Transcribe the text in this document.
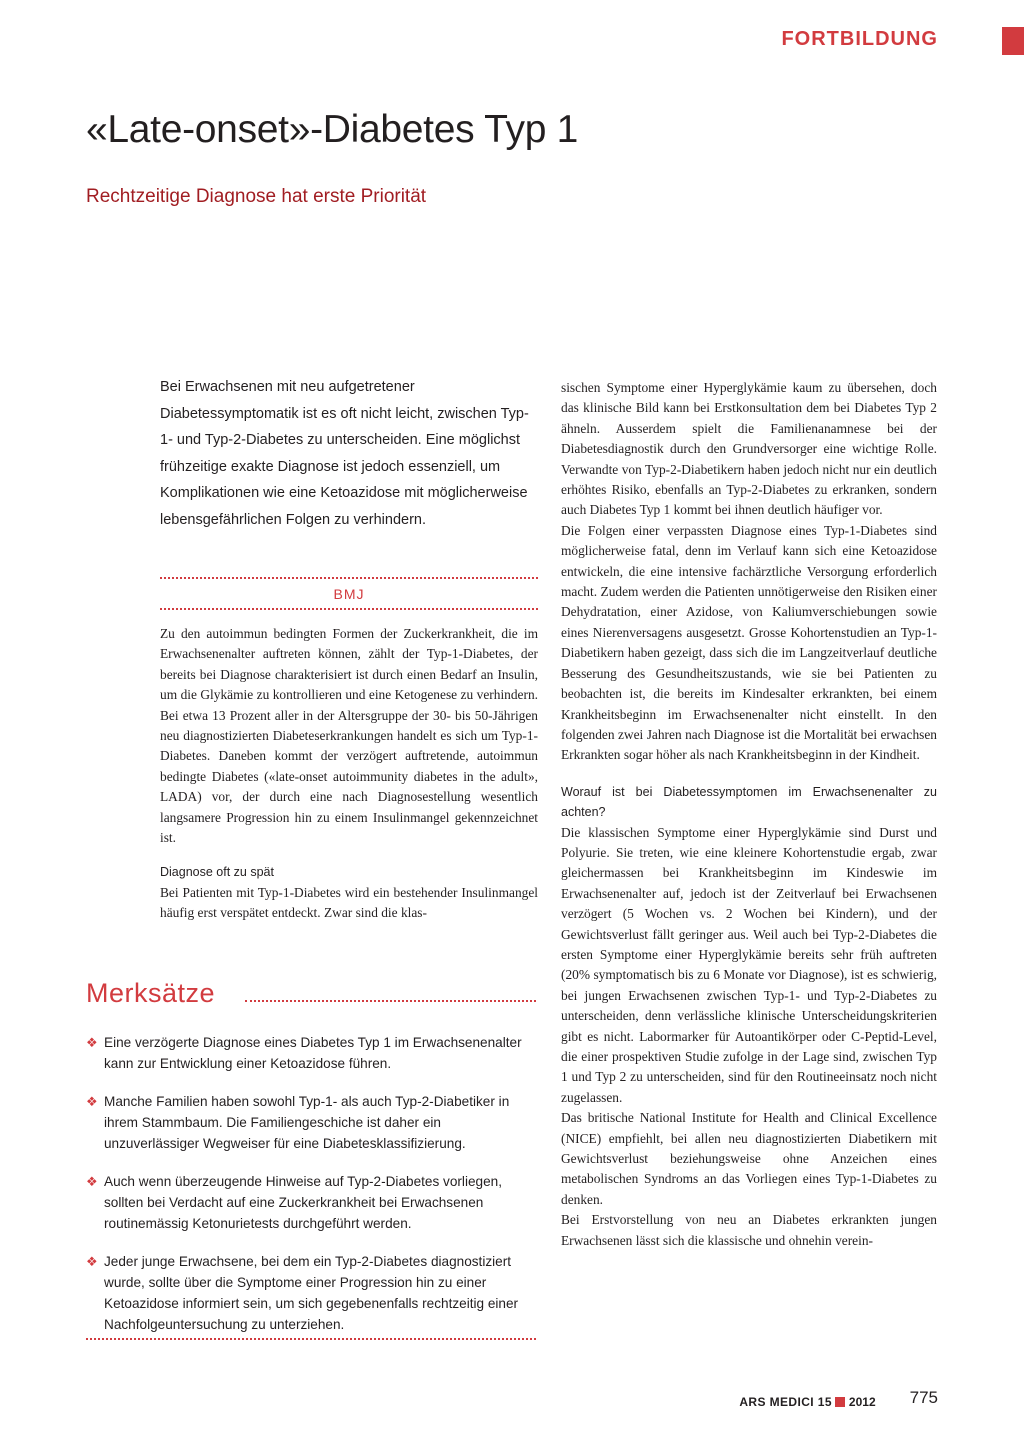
FORTBILDUNG
«Late-onset»-Diabetes Typ 1
Rechtzeitige Diagnose hat erste Priorität

Bei Erwachsenen mit neu aufgetretener Diabetessymptomatik ist es oft nicht leicht, zwischen Typ-1- und Typ-2-Diabetes zu unterscheiden. Eine möglichst frühzeitige exakte Diagnose ist jedoch essenziell, um Komplikationen wie eine Ketoazidose mit möglicherweise lebensgefährlichen Folgen zu verhindern.

BMJ

Zu den autoimmun bedingten Formen der Zuckerkrankheit, die im Erwachsenenalter auftreten können, zählt der Typ-1-Diabetes, der bereits bei Diagnose charakterisiert ist durch einen Bedarf an Insulin, um die Glykämie zu kontrollieren und eine Ketogenese zu verhindern. Bei etwa 13 Prozent aller in der Altersgruppe der 30- bis 50-Jährigen neu diagnostizierten Diabeteserkrankungen handelt es sich um Typ-1-Diabetes. Daneben kommt der verzögert auftretende, autoimmun bedingte Diabetes («late-onset autoimmunity diabetes in the adult», LADA) vor, der durch eine nach Diagnosestellung wesentlich langsamere Progression hin zu einem Insulinmangel gekennzeichnet ist.

Diagnose oft zu spät

Bei Patienten mit Typ-1-Diabetes wird ein bestehender Insulinmangel häufig erst verspätet entdeckt. Zwar sind die klas-

Merksätze
❖ Eine verzögerte Diagnose eines Diabetes Typ 1 im Erwachsenenalter kann zur Entwicklung einer Ketoazidose führen.
❖ Manche Familien haben sowohl Typ-1- als auch Typ-2-Diabetiker in ihrem Stammbaum. Die Familiengeschiche ist daher ein unzuverlässiger Wegweiser für eine Diabetesklassifizierung.
❖ Auch wenn überzeugende Hinweise auf Typ-2-Diabetes vorliegen, sollten bei Verdacht auf eine Zuckerkrankheit bei Erwachsenen routinemässig Ketonurietests durchgeführt werden.
❖ Jeder junge Erwachsene, bei dem ein Typ-2-Diabetes diagnostiziert wurde, sollte über die Symptome einer Progression hin zu einer Ketoazidose informiert sein, um sich gegebenenfalls rechtzeitig einer Nachfolgeuntersuchung zu unterziehen.

sischen Symptome einer Hyperglykämie kaum zu übersehen, doch das klinische Bild kann bei Erstkonsultation dem bei Diabetes Typ 2 ähneln. Ausserdem spielt die Familienanamnese bei der Diabetesdiagnostik durch den Grundversorger eine wichtige Rolle. Verwandte von Typ-2-Diabetikern haben jedoch nicht nur ein deutlich erhöhtes Risiko, ebenfalls an Typ-2-Diabetes zu erkranken, sondern auch Diabetes Typ 1 kommt bei ihnen deutlich häufiger vor.

Die Folgen einer verpassten Diagnose eines Typ-1-Diabetes sind möglicherweise fatal, denn im Verlauf kann sich eine Ketoazidose entwickeln, die eine intensive fachärztliche Versorgung erforderlich macht. Zudem werden die Patienten unnötigerweise den Risiken einer Dehydratation, einer Azidose, von Kaliumverschiebungen sowie eines Nierenversagens ausgesetzt. Grosse Kohortenstudien an Typ-1-Diabetikern haben gezeigt, dass sich die im Langzeitverlauf deutliche Besserung des Gesundheitszustands, wie sie bei Patienten zu beobachten ist, die bereits im Kindesalter erkrankten, bei einem Krankheitsbeginn im Erwachsenenalter nicht einstellt. In den folgenden zwei Jahren nach Diagnose ist die Mortalität bei erwachsen Erkrankten sogar höher als nach Krankheitsbeginn in der Kindheit.

Worauf ist bei Diabetessymptomen im Erwachsenenalter zu achten?

Die klassischen Symptome einer Hyperglykämie sind Durst und Polyurie. Sie treten, wie eine kleinere Kohortenstudie ergab, zwar gleichermassen bei Krankheitsbeginn im Kindeswie im Erwachsenenalter auf, jedoch ist der Zeitverlauf bei Erwachsenen verzögert (5 Wochen vs. 2 Wochen bei Kindern), und der Gewichtsverlust fällt geringer aus. Weil auch bei Typ-2-Diabetes die ersten Symptome einer Hyperglykämie bereits sehr früh auftreten (20% symptomatisch bis zu 6 Monate vor Diagnose), ist es schwierig, bei jungen Erwachsenen zwischen Typ-1- und Typ-2-Diabetes zu unterscheiden, denn verlässliche klinische Unterscheidungskriterien gibt es nicht. Labormarker für Autoantikörper oder C-Peptid-Level, die einer prospektiven Studie zufolge in der Lage sind, zwischen Typ 1 und Typ 2 zu unterscheiden, sind für den Routineeinsatz noch nicht zugelassen.

Das britische National Institute for Health and Clinical Excellence (NICE) empfiehlt, bei allen neu diagnostizierten Diabetikern mit Gewichtsverlust beziehungsweise ohne Anzeichen eines metabolischen Syndroms an das Vorliegen eines Typ-1-Diabetes zu denken.

Bei Erstvorstellung von neu an Diabetes erkrankten jungen Erwachsenen lässt sich die klassische und ohnehin verein-

ARS MEDICI 15 2012 775
